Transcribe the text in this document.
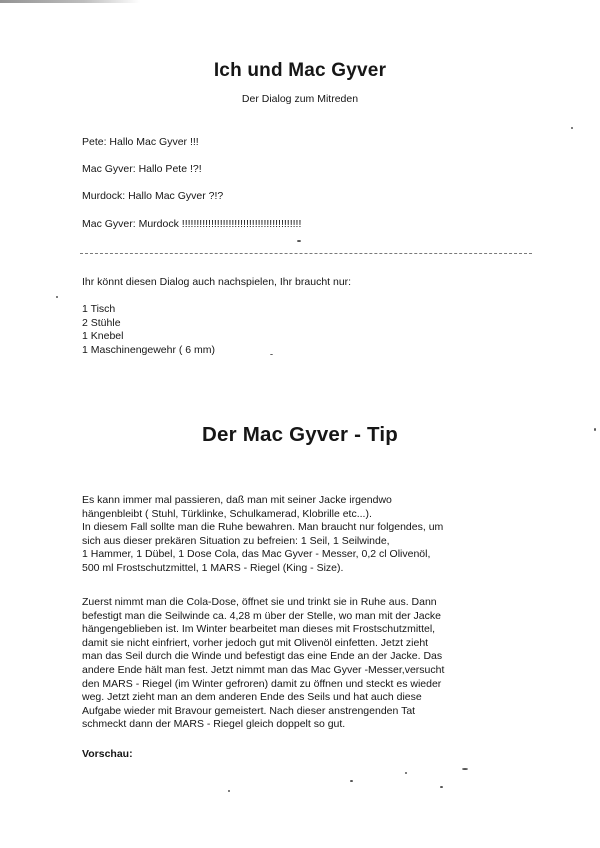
Ich und Mac Gyver
Der Dialog zum Mitreden
Pete: Hallo Mac Gyver !!!
Mac Gyver: Hallo Pete !?!
Murdock: Hallo Mac Gyver ?!?
Mac Gyver: Murdock !!!!!!!!!!!!!!!!!!!!!!!!!!!!!!!!!!!!!!!!!
Ihr könnt diesen Dialog auch nachspielen, Ihr braucht nur:
1 Tisch
2 Stühle
1 Knebel
1 Maschinengewehr ( 6 mm)
Der Mac Gyver - Tip
Es kann immer mal passieren, daß man mit seiner Jacke irgendwo
hängenbleibt ( Stuhl, Türklinke, Schulkamerad, Klobrille etc...).
In diesem Fall sollte man die Ruhe bewahren. Man braucht nur folgendes, um
sich aus dieser prekären Situation zu befreien: 1 Seil, 1 Seilwinde,
1 Hammer, 1 Dübel, 1 Dose Cola, das Mac Gyver - Messer, 0,2 cl Olivenöl,
500 ml Frostschutzmittel, 1 MARS - Riegel (King - Size).
Zuerst nimmt man die Cola-Dose, öffnet sie und trinkt sie in Ruhe aus. Dann
befestigt man die Seilwinde ca. 4,28 m über der Stelle, wo man mit der Jacke
hängengeblieben ist. Im Winter bearbeitet man dieses mit Frostschutzmittel,
damit sie nicht einfriert, vorher jedoch gut mit Olivenöl einfetten. Jetzt zieht
man das Seil durch die Winde und befestigt das eine Ende an der Jacke. Das
andere Ende hält man fest. Jetzt nimmt man das Mac Gyver -Messer,versucht
den MARS - Riegel (im Winter gefroren) damit zu öffnen und steckt es wieder
weg. Jetzt zieht man an dem anderen Ende des Seils und hat auch diese
Aufgabe wieder mit Bravour gemeistert. Nach dieser anstrengenden Tat
schmeckt dann der MARS - Riegel gleich doppelt so gut.
Vorschau:
